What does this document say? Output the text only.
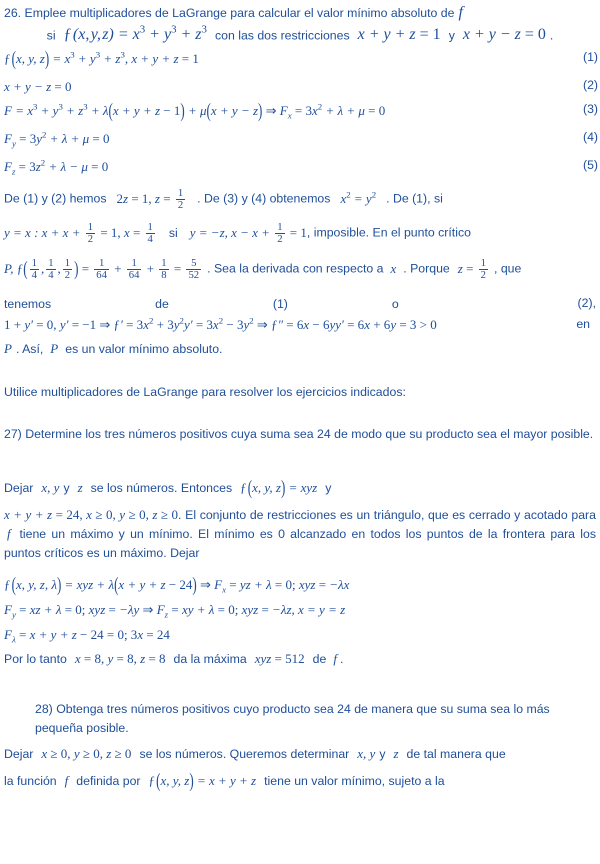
26. Emplee multiplicadores de LaGrange para calcular el valor mínimo absoluto de f
si ƒ (x, y, $z) = x^3 + y^3 + z^3$ con las dos restricciones x + y + z = 1 y x + y − z = 0 .
ƒ (x, y, $z) = x^3 + y^3 + z^3$, x + y + z = 1	(1)
x + y − z = 0	(2)
$F = x^3 + y^3 + z^3 + \lambda(x + y + z - 1) + \mu(x + y - z)$ ⇒ $F_x = 3x^2 + \lambda + \mu = 0$	(3)
$F_y = 3y^2 + \lambda + \mu = 0$	(4)
$F_z = 3z^2 + \lambda - \mu = 0$	(5)
De (1) y (2) hemos 2z = 1, $z = \frac{1}{2}$ . De (3) y (4) obtenemos $x^2 = y^2$ . De (1), si
y = x : $x + x + \frac{1}{2} = 1$, $x = \frac{1}{4}$ si y = −z, $x - x + \frac{1}{2} = 1$, imposible. En el punto crítico
P, ƒ( $\frac{1}{4}$ , $\frac{1}{4}$ , $\frac{1}{2}$ ) = $\frac{1}{64} + \frac{1}{64} + \frac{1}{8} = \frac{5}{52}$ . Sea la derivada con respecto a x . Porque $z = \frac{1}{2}$ , que
tenemos	de	(1)	o	(2),
1 + y′ = 0, y′ = −1 ⇒ ƒ′ = $3x^2 + 3y^2y' = 3x^2 - 3y^2$ ⇒ ƒ″ = 6x − 6yy′ = 6x + 6y = 3 > 0	en
P . Así, P es un valor mínimo absoluto.
Utilice multiplicadores de LaGrange para resolver los ejercicios indicados:
27) Determine los tres números positivos cuya suma sea 24 de modo que su producto sea el mayor posible.
Dejar x, y y z se los números. Entonces ƒ (x, y, z) = xyz y
x + y + z = 24, x ≥ 0, y ≥ 0, z ≥ 0. El conjunto de restricciones es un triángulo, que es cerrado y acotado para f tiene un máximo y un mínimo. El mínimo es 0 alcanzado en todos los puntos de la frontera para los puntos críticos es un máximo. Dejar
ƒ (x, y, z, λ) = xyz + λ(x + y + z − 24) ⇒ $F_x$ = yz + λ = 0; xyz = −λx
$F_y$ = xz + λ = 0; xyz = −λy ⇒ $F_z$ = xy + λ = 0; xyz = −λz, x = y = z
$F_\lambda = x + y + z - 24 = 0$; 3x = 24
Por lo tanto x = 8, y = 8, z = 8 da la máxima xyz = 512 de f .
28) Obtenga tres números positivos cuyo producto sea 24 de manera que su suma sea lo más pequeña posible.
Dejar x ≥ 0, y ≥ 0, z ≥ 0 se los números. Queremos determinar x, y y z de tal manera que
la función f definida por ƒ (x, y, z) = x + y + z tiene un valor mínimo, sujeto a la
